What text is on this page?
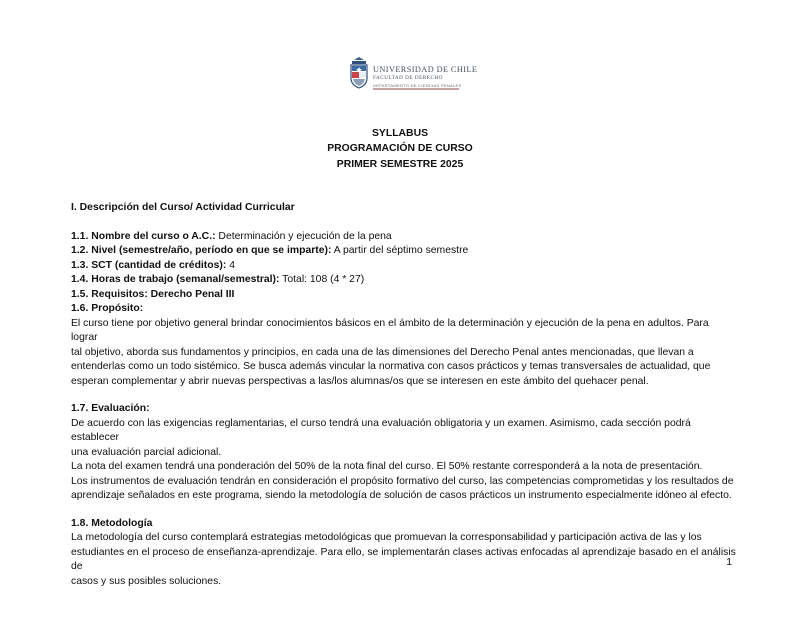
UNIVERSIDAD DE CHILE
FACULTAD DE DERECHO
DEPARTAMENTO DE CIENCIAS PENALES
SYLLABUS
PROGRAMACIÓN DE CURSO
PRIMER SEMESTRE 2025

I. Descripción del Curso/ Actividad Curricular

1.1. Nombre del curso o A.C.: Determinación y ejecución de la pena

1.2. Nivel (semestre/año, período en que se imparte): A partir del séptimo semestre

1.3. SCT (cantidad de créditos): 4

1.4. Horas de trabajo (semanal/semestral): Total: 108 (4 * 27)

1.5. Requisitos: Derecho Penal III

1.6. Propósito:

El curso tiene por objetivo general brindar conocimientos básicos en el ámbito de la determinación y ejecución de la pena en adultos. Para lograr

tal objetivo, aborda sus fundamentos y principios, en cada una de las dimensiones del Derecho Penal antes mencionadas, que llevan a

entenderlas como un todo sistémico. Se busca además vincular la normativa con casos prácticos y temas transversales de actualidad, que

esperan complementar y abrir nuevas perspectivas a las/los alumnas/os que se interesen en este ámbito del quehacer penal.

1.7. Evaluación:

De acuerdo con las exigencias reglamentarias, el curso tendrá una evaluación obligatoria y un examen. Asimismo, cada sección podrá establecer

una evaluación parcial adicional.

La nota del examen tendrá una ponderación del 50% de la nota final del curso. El 50% restante corresponderá a la nota de presentación.

Los instrumentos de evaluación tendrán en consideración el propósito formativo del curso, las competencias comprometidas y los resultados de

aprendizaje señalados en este programa, siendo la metodología de solución de casos prácticos un instrumento especialmente idóneo al efecto.

1.8. Metodología

La metodología del curso contemplará estrategias metodológicas que promuevan la corresponsabilidad y participación activa de las y los

estudiantes en el proceso de enseñanza-aprendizaje. Para ello, se implementarán clases activas enfocadas al aprendizaje basado en el análisis de

casos y sus posibles soluciones.

1
